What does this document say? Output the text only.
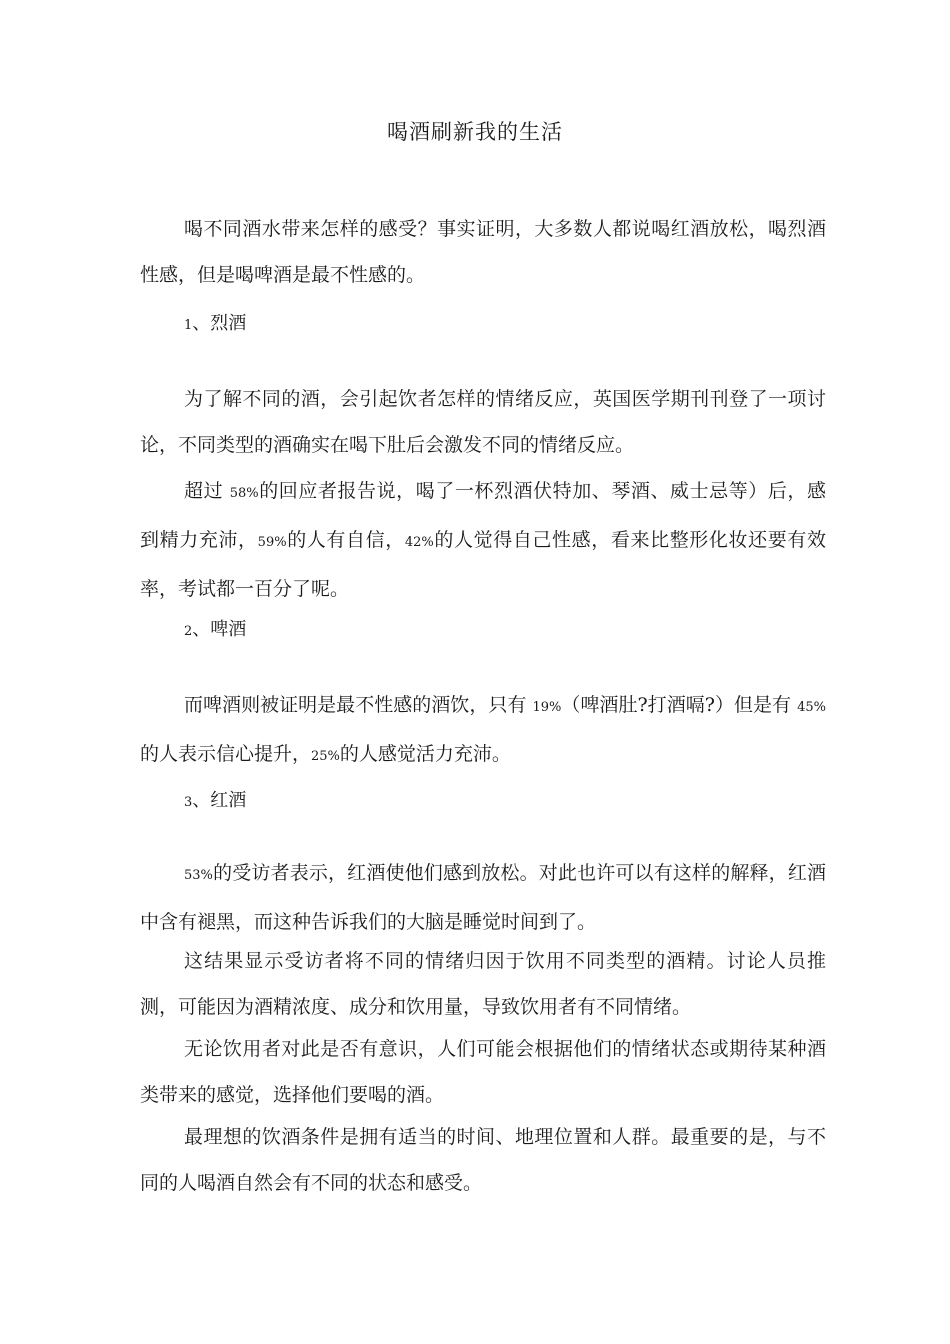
喝酒刷新我的生活

喝不同酒水带来怎样的感受？事实证明，大多数人都说喝红酒放松，喝烈酒性感，但是喝啤酒是最不性感的。

1、烈酒

为了解不同的酒，会引起饮者怎样的情绪反应，英国医学期刊刊登了一项讨论，不同类型的酒确实在喝下肚后会激发不同的情绪反应。

超过 58%的回应者报告说，喝了一杯烈酒伏特加、琴酒、威士忌等）后，感到精力充沛，59%的人有自信，42%的人觉得自己性感，看来比整形化妆还要有效率，考试都一百分了呢。

2、啤酒

而啤酒则被证明是最不性感的酒饮，只有 19%（啤酒肚?打酒嗝?）但是有 45%的人表示信心提升，25%的人感觉活力充沛。

3、红酒

53%的受访者表示，红酒使他们感到放松。对此也许可以有这样的解释，红酒中含有褪黑，而这种告诉我们的大脑是睡觉时间到了。

这结果显示受访者将不同的情绪归因于饮用不同类型的酒精。讨论人员推测，可能因为酒精浓度、成分和饮用量，导致饮用者有不同情绪。

无论饮用者对此是否有意识，人们可能会根据他们的情绪状态或期待某种酒类带来的感觉，选择他们要喝的酒。

最理想的饮酒条件是拥有适当的时间、地理位置和人群。最重要的是，与不同的人喝酒自然会有不同的状态和感受。
